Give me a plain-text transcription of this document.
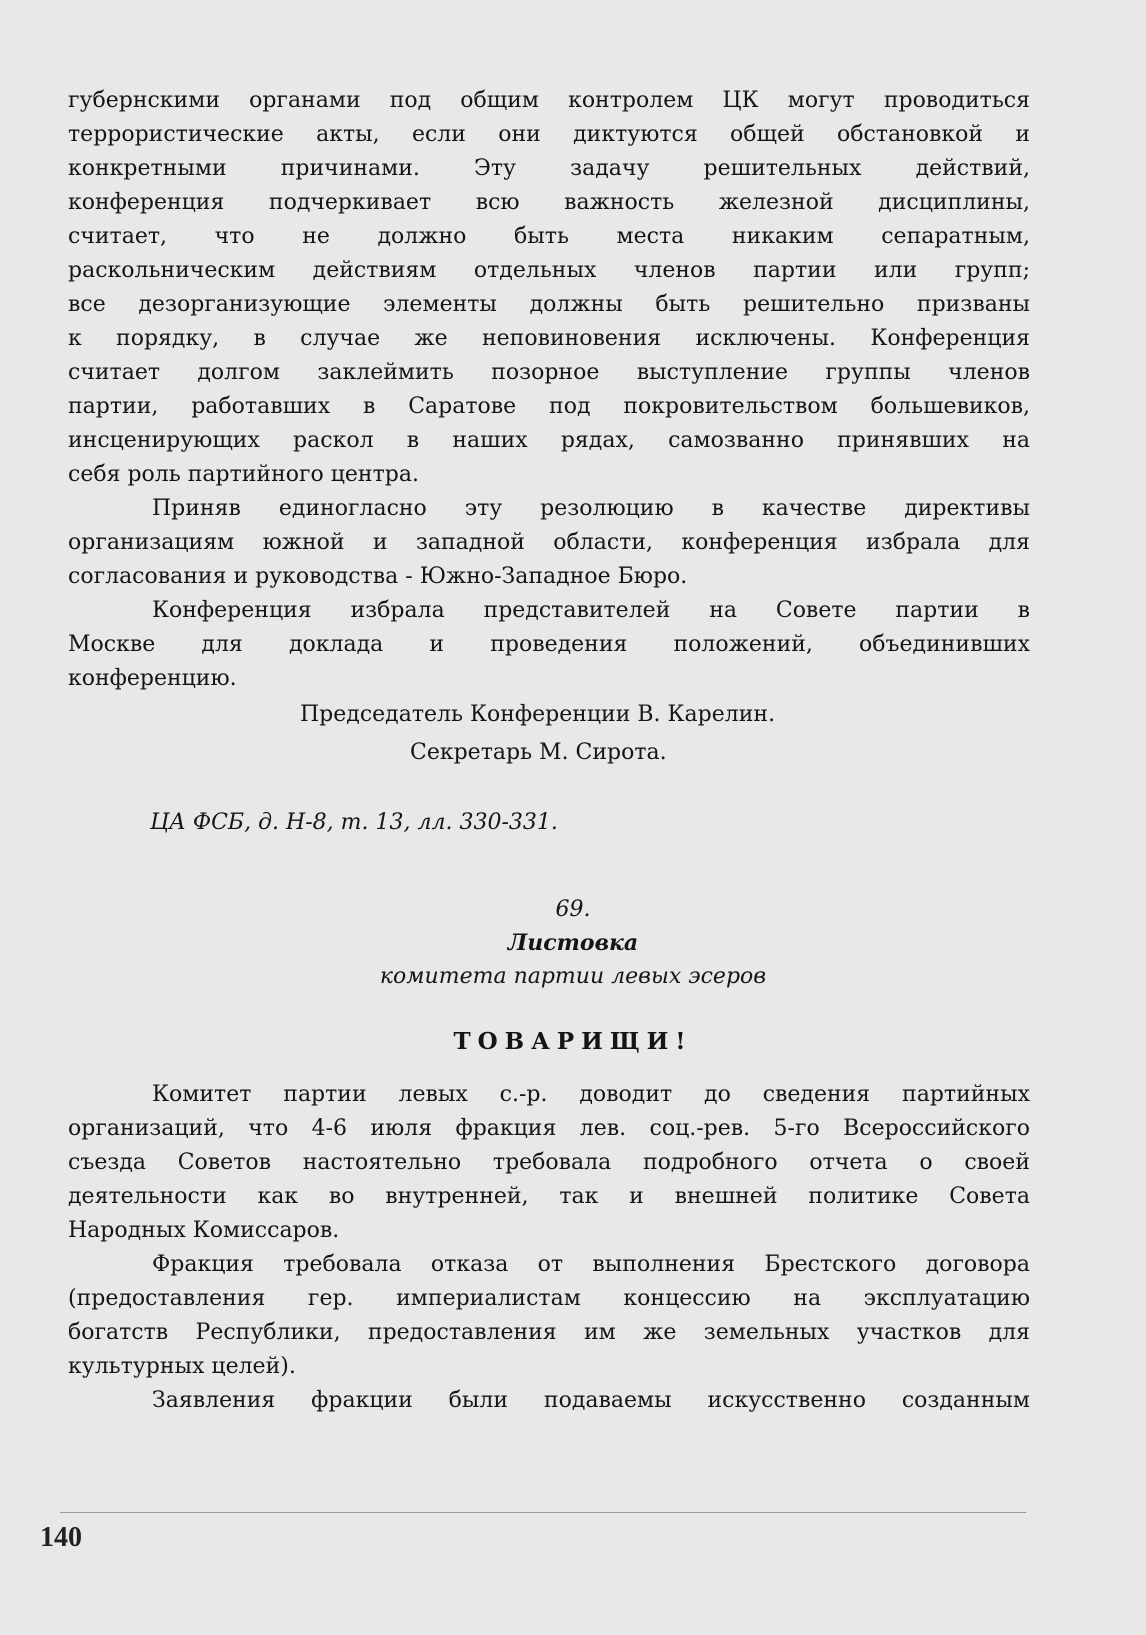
губернскими органами под общим контролем ЦК могут проводиться
террористические акты, если они диктуются общей обстановкой и
конкретными причинами. Эту задачу решительных действий,
конференция подчеркивает всю важность железной дисциплины,
считает, что не должно быть места никаким сепаратным,
раскольническим действиям отдельных членов партии или групп;
все дезорганизующие элементы должны быть решительно призваны
к порядку, в случае же неповиновения исключены. Конференция
считает долгом заклеймить позорное выступление группы членов
партии, работавших в Саратове под покровительством большевиков,
инсценирующих раскол в наших рядах, самозванно принявших на
себя роль партийного центра.
Приняв единогласно эту резолюцию в качестве директивы
организациям южной и западной области, конференция избрала для
согласования и руководства - Южно-Западное Бюро.
Конференция избрала представителей на Совете партии в
Москве для доклада и проведения положений, объединивших
конференцию.
Председатель Конференции В. Карелин.
Секретарь М. Сирота.
ЦА ФСБ, д. Н-8, т. 13, лл. 330-331.
69.
Листовка
комитета партии левых эсеров
ТОВАРИЩИ!
Комитет партии левых с.-р. доводит до сведения партийных
организаций, что 4-6 июля фракция лев. соц.-рев. 5-го Всероссийского
съезда Советов настоятельно требовала подробного отчета о своей
деятельности как во внутренней, так и внешней политике Совета
Народных Комиссаров.
Фракция требовала отказа от выполнения Брестского договора
(предоставления гер. империалистам концессию на эксплуатацию
богатств Республики, предоставления им же земельных участков для
культурных целей).
Заявления фракции были подаваемы искусственно созданным
140
